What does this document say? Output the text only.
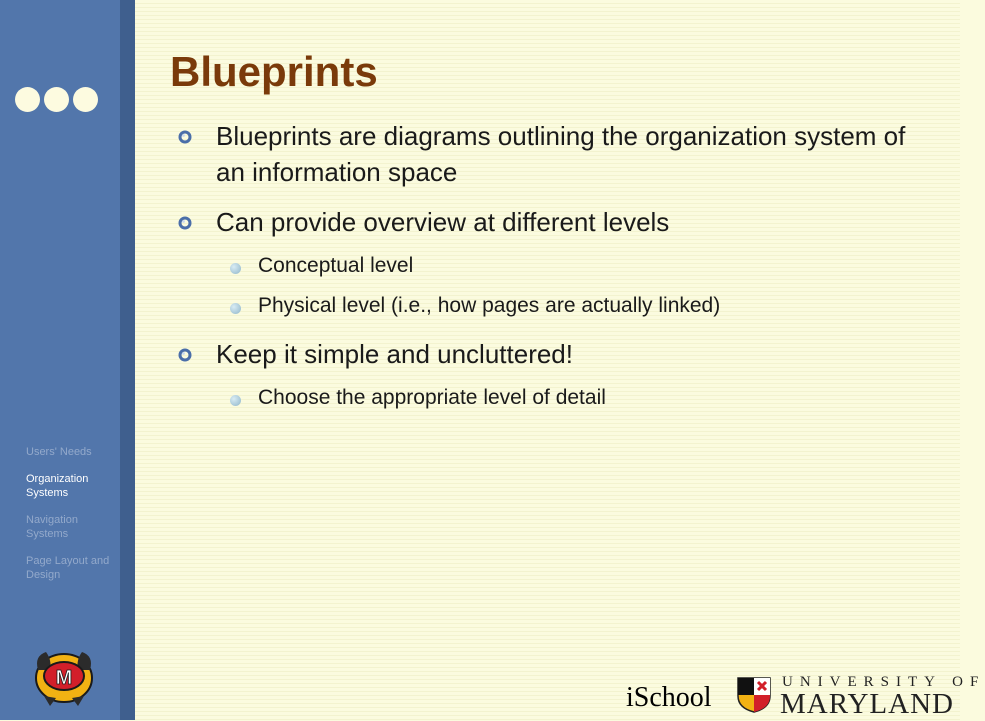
Users' Needs
Organization Systems
Navigation Systems
Page Layout and Design
M
Blueprints
Blueprints are diagrams outlining the organization system of an information space
Can provide overview at different levels
Conceptual level
Physical level (i.e., how pages are actually linked)
Keep it simple and uncluttered!
Choose the appropriate level of detail
iSchool	UNIVERSITY OF
MARYLAND
